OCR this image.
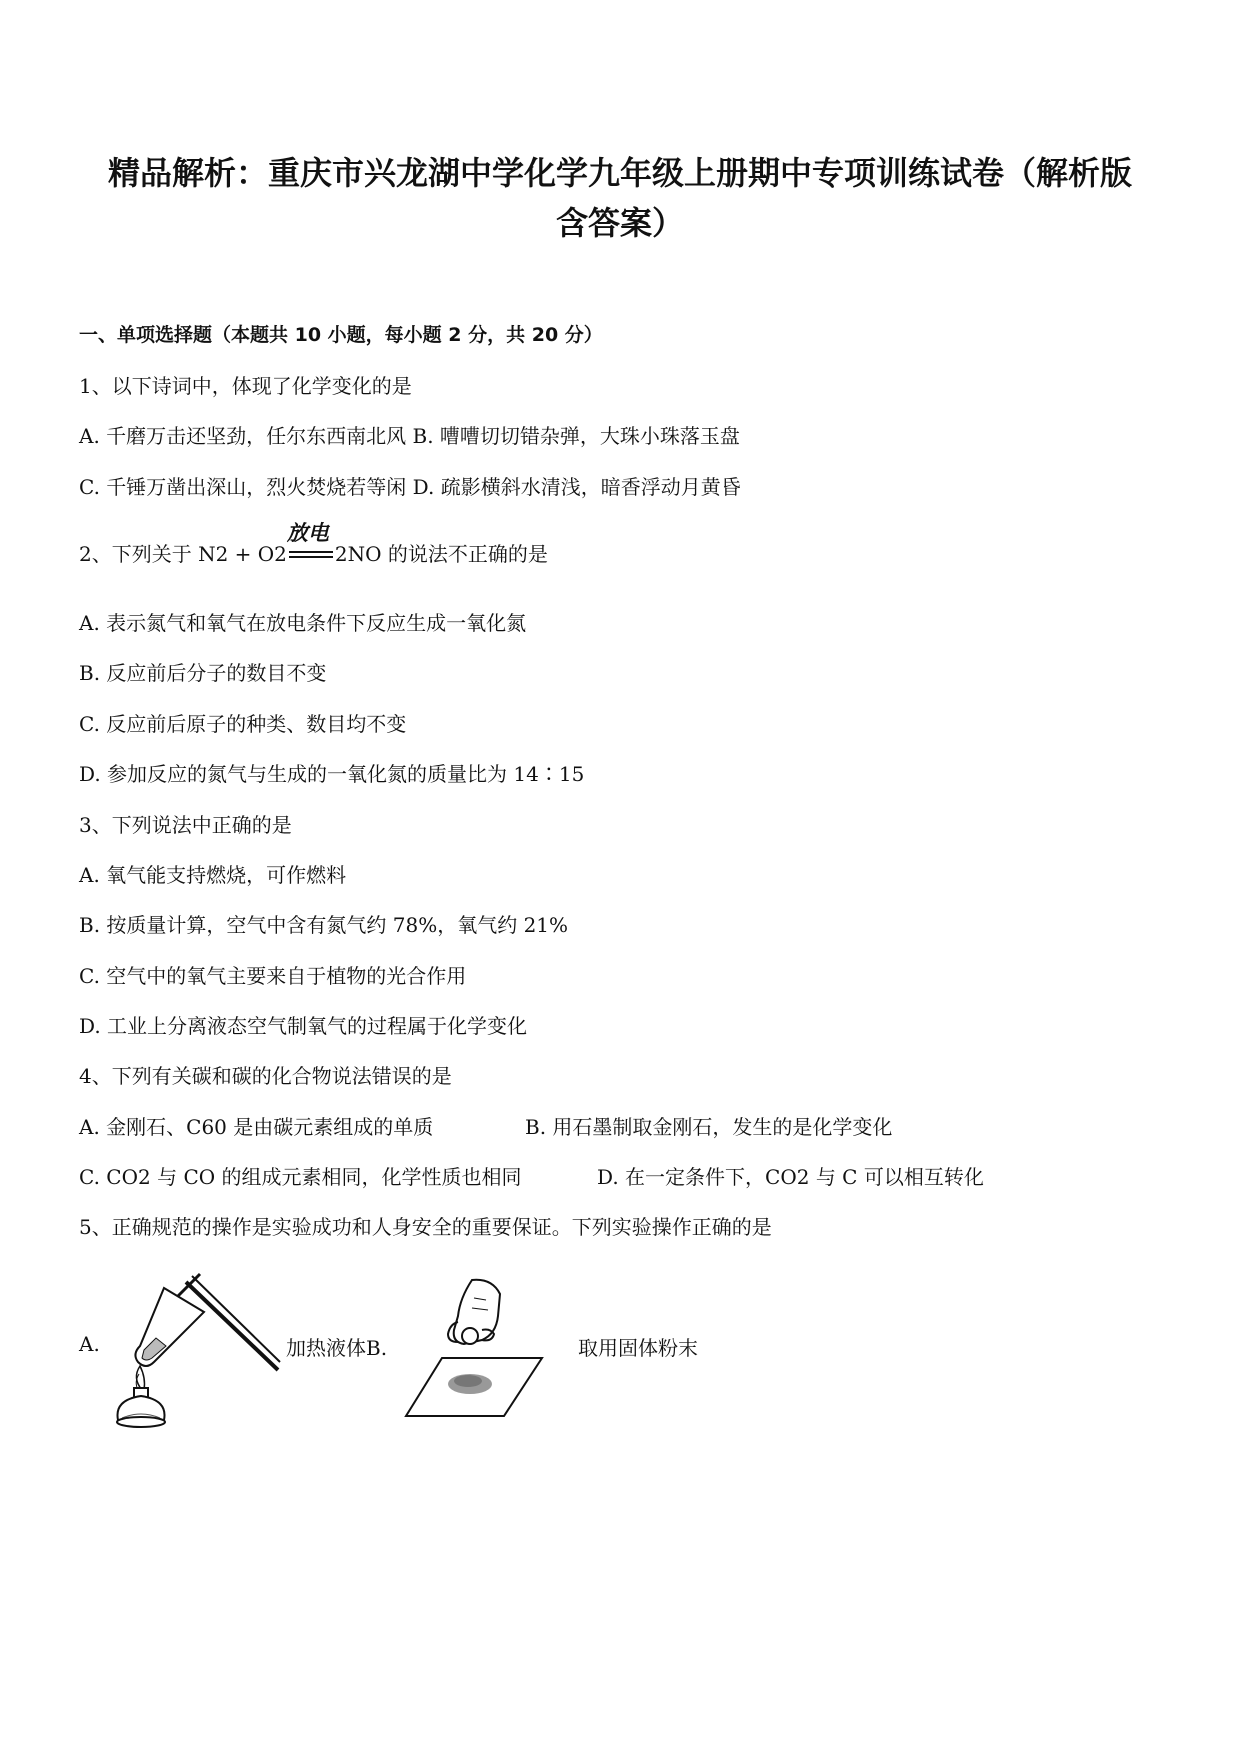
精品解析：重庆市兴龙湖中学化学九年级上册期中专项训练试卷（解析版
含答案）
一、单项选择题（本题共 10 小题，每小题 2 分，共 20 分）
1、以下诗词中，体现了化学变化的是
A. 千磨万击还坚劲，任尔东西南北风 B. 嘈嘈切切错杂弹，大珠小珠落玉盘
C. 千锤万凿出深山，烈火焚烧若等闲 D. 疏影横斜水清浅，暗香浮动月黄昏
2、下列关于 N2 + O2
放电
2NO 的说法不正确的是
A. 表示氮气和氧气在放电条件下反应生成一氧化氮
B. 反应前后分子的数目不变
C. 反应前后原子的种类、数目均不变
D. 参加反应的氮气与生成的一氧化氮的质量比为 14∶15
3、下列说法中正确的是
A. 氧气能支持燃烧，可作燃料
B. 按质量计算，空气中含有氮气约 78%，氧气约 21%
C. 空气中的氧气主要来自于植物的光合作用
D. 工业上分离液态空气制氧气的过程属于化学变化
4、下列有关碳和碳的化合物说法错误的是
A. 金刚石、C60 是由碳元素组成的单质	B. 用石墨制取金刚石，发生的是化学变化
C. CO2 与 CO 的组成元素相同，化学性质也相同	D. 在一定条件下，CO2 与 C 可以相互转化
5、正确规范的操作是实验成功和人身安全的重要保证。下列实验操作正确的是
A.	加热液体B.	取用固体粉末
